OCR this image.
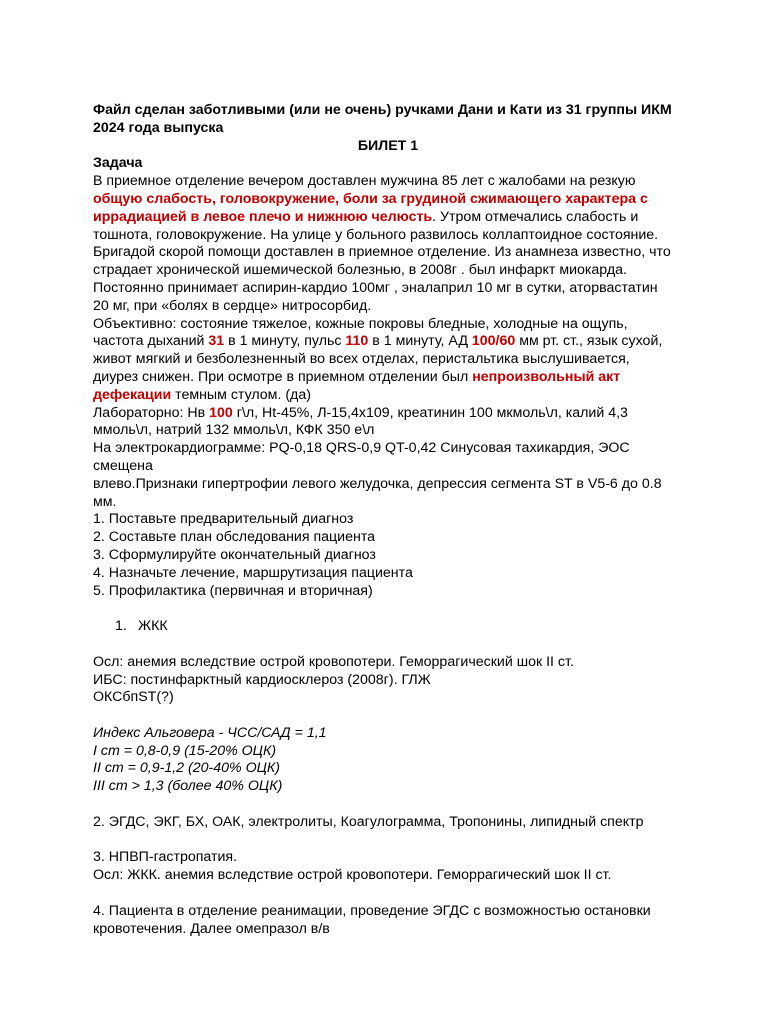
Файл сделан заботливыми (или не очень) ручками Дани и Кати из 31 группы ИКМ
2024 года выпуска
БИЛЕТ 1
Задача
В приемное отделение вечером доставлен мужчина 85 лет с жалобами на резкую
общую слабость, головокружение, боли за грудиной сжимающего характера с
иррадиацией в левое плечо и нижнюю челюсть. Утром отмечались слабость и
тошнота, головокружение. На улице у больного развилось коллаптоидное состояние.
Бригадой скорой помощи доставлен в приемное отделение. Из анамнеза известно, что
страдает хронической ишемической болезнью, в 2008г . был инфаркт миокарда.
Постоянно принимает аспирин-кардио 100мг , эналаприл 10 мг в сутки, аторвастатин
20 мг, при «болях в сердце» нитросорбид.
Объективно: состояние тяжелое, кожные покровы бледные, холодные на ощупь,
частота дыханий 31 в 1 минуту, пульс 110 в 1 минуту, АД 100/60 мм рт. ст., язык сухой,
живот мягкий и безболезненный во всех отделах, перистальтика выслушивается,
диурез снижен. При осмотре в приемном отделении был непроизвольный акт
дефекации темным стулом. (да)
Лабораторно: Нв 100 г\л, Ht-45%, Л-15,4х109, креатинин 100 мкмоль\л, калий 4,3
ммоль\л, натрий 132 ммоль\л, КФК 350 е\л
На электрокардиограмме: PQ-0,18 QRS-0,9 QT-0,42 Синусовая тахикардия, ЭОС
смещена
влево.Признаки гипертрофии левого желудочка, депрессия сегмента ST в V5-6 до 0.8
мм.
1. Поставьте предварительный диагноз
2. Составьте план обследования пациента
3. Сформулируйте окончательный диагноз
4. Назначьте лечение, маршрутизация пациента
5. Профилактика (первичная и вторичная)
1. ЖКК
Осл: анемия вследствие острой кровопотери. Геморрагический шок II ст.
ИБС: постинфарктный кардиосклероз (2008г). ГЛЖ
ОКСбпST(?)
Индекс Альговера - ЧСС/САД = 1,1
I ст = 0,8-0,9 (15-20% ОЦК)
II ст = 0,9-1,2 (20-40% ОЦК)
III ст > 1,3 (более 40% ОЦК)
2. ЭГДС, ЭКГ, БХ, ОАК, электролиты, Коагулограмма, Тропонины, липидный спектр
3. НПВП-гастропатия.
Осл: ЖКК. анемия вследствие острой кровопотери. Геморрагический шок II ст.
4. Пациента в отделение реанимации, проведение ЭГДС с возможностью остановки
кровотечения. Далее омепразол в/в
